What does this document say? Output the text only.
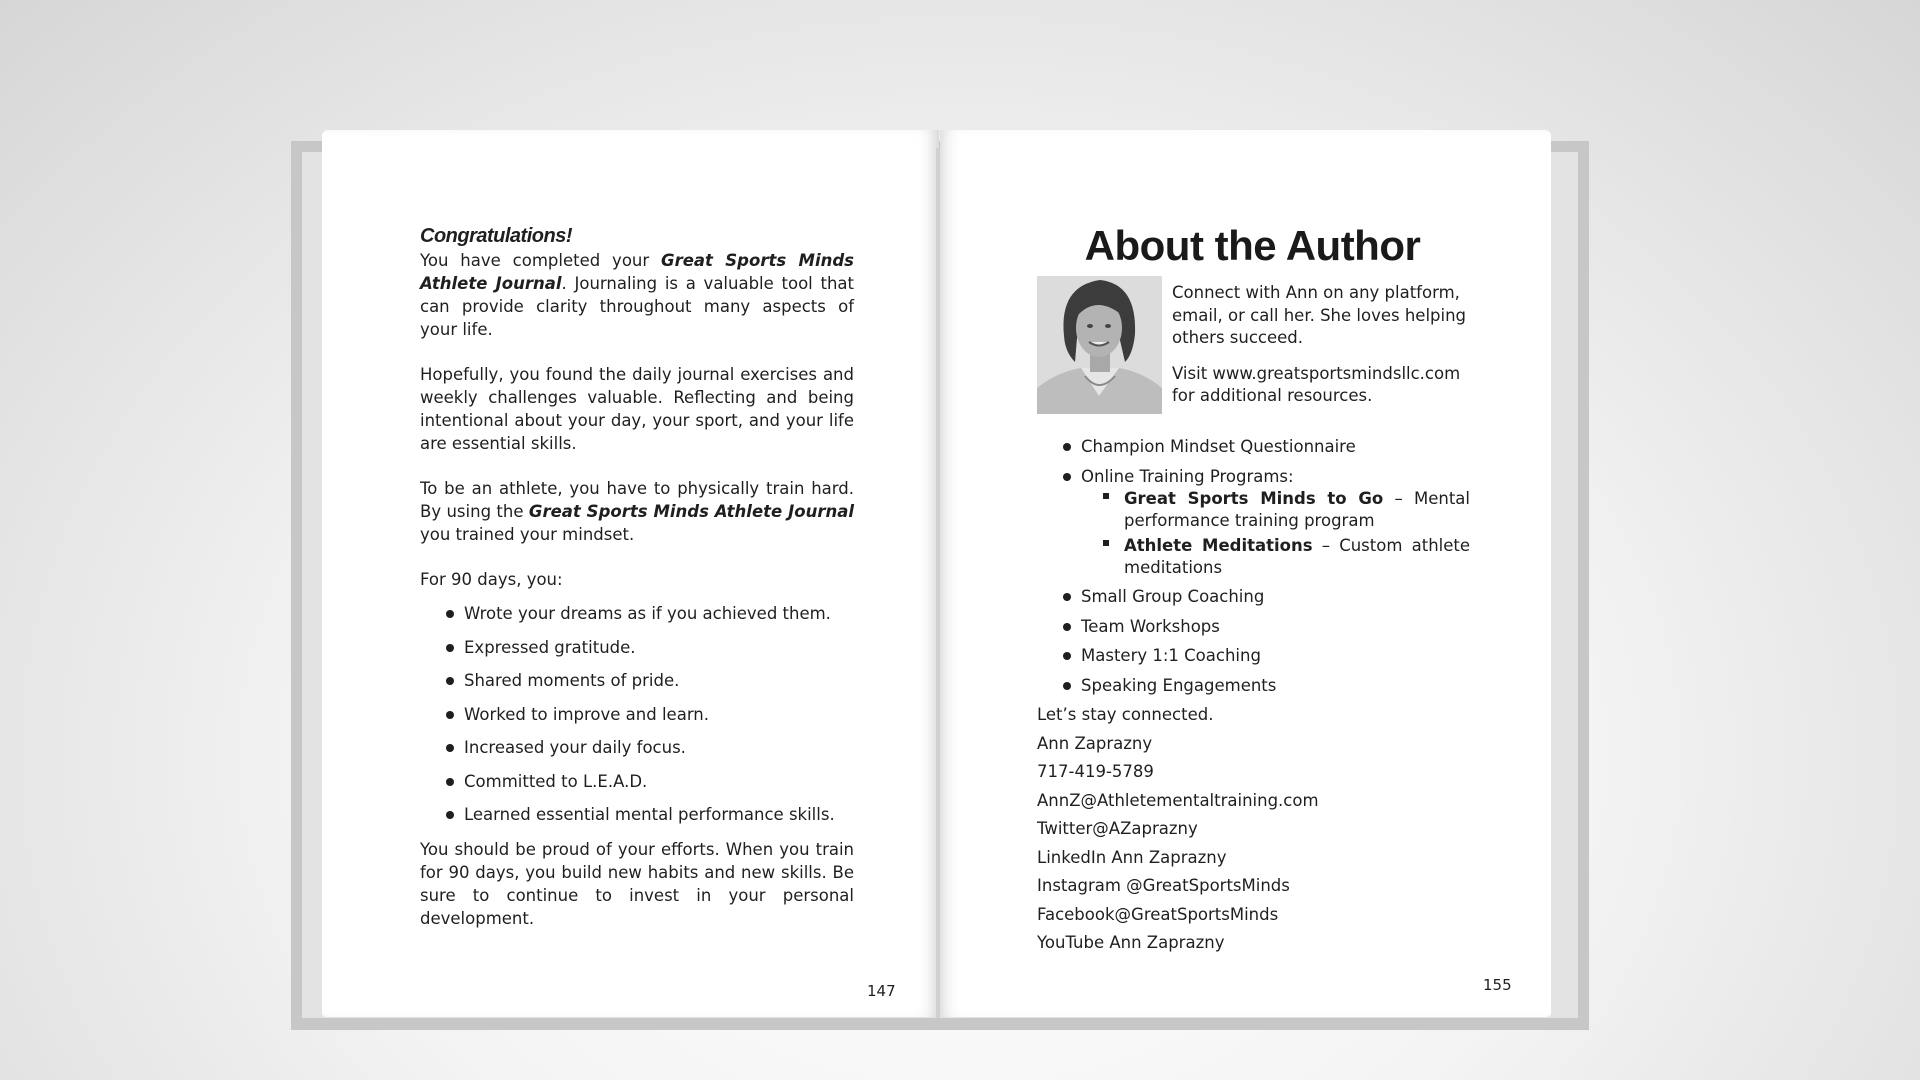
Congratulations!

You have completed your Great Sports Minds Athlete Journal. Journaling is a valuable tool that can provide clarity throughout many aspects of your life.

Hopefully, you found the daily journal exercises and weekly challenges valuable. Reflecting and being intentional about your day, your sport, and your life are essential skills.

To be an athlete, you have to physically train hard. By using the Great Sports Minds Athlete Journal you trained your mindset.

For 90 days, you:

Wrote your dreams as if you achieved them.
Expressed gratitude.
Shared moments of pride.
Worked to improve and learn.
Increased your daily focus.
Committed to L.E.A.D.
Learned essential mental performance skills.

You should be proud of your efforts. When you train for 90 days, you build new habits and new skills. Be sure to continue to invest in your personal development.

147
About the Author

Connect with Ann on any platform, email, or call her. She loves helping others succeed.

Visit www.greatsportsmindsllc.com for additional resources.

Champion Mindset Questionnaire
Online Training Programs:
Great Sports Minds to Go – Mental performance training program
Athlete Meditations – Custom athlete meditations
Small Group Coaching
Team Workshops
Mastery 1:1 Coaching
Speaking Engagements
Let’s stay connected.
Ann Zaprazny
717-419-5789
AnnZ@Athletementaltraining.com
Twitter@AZaprazny
LinkedIn Ann Zaprazny
Instagram @GreatSportsMinds
Facebook@GreatSportsMinds
YouTube Ann Zaprazny
155
